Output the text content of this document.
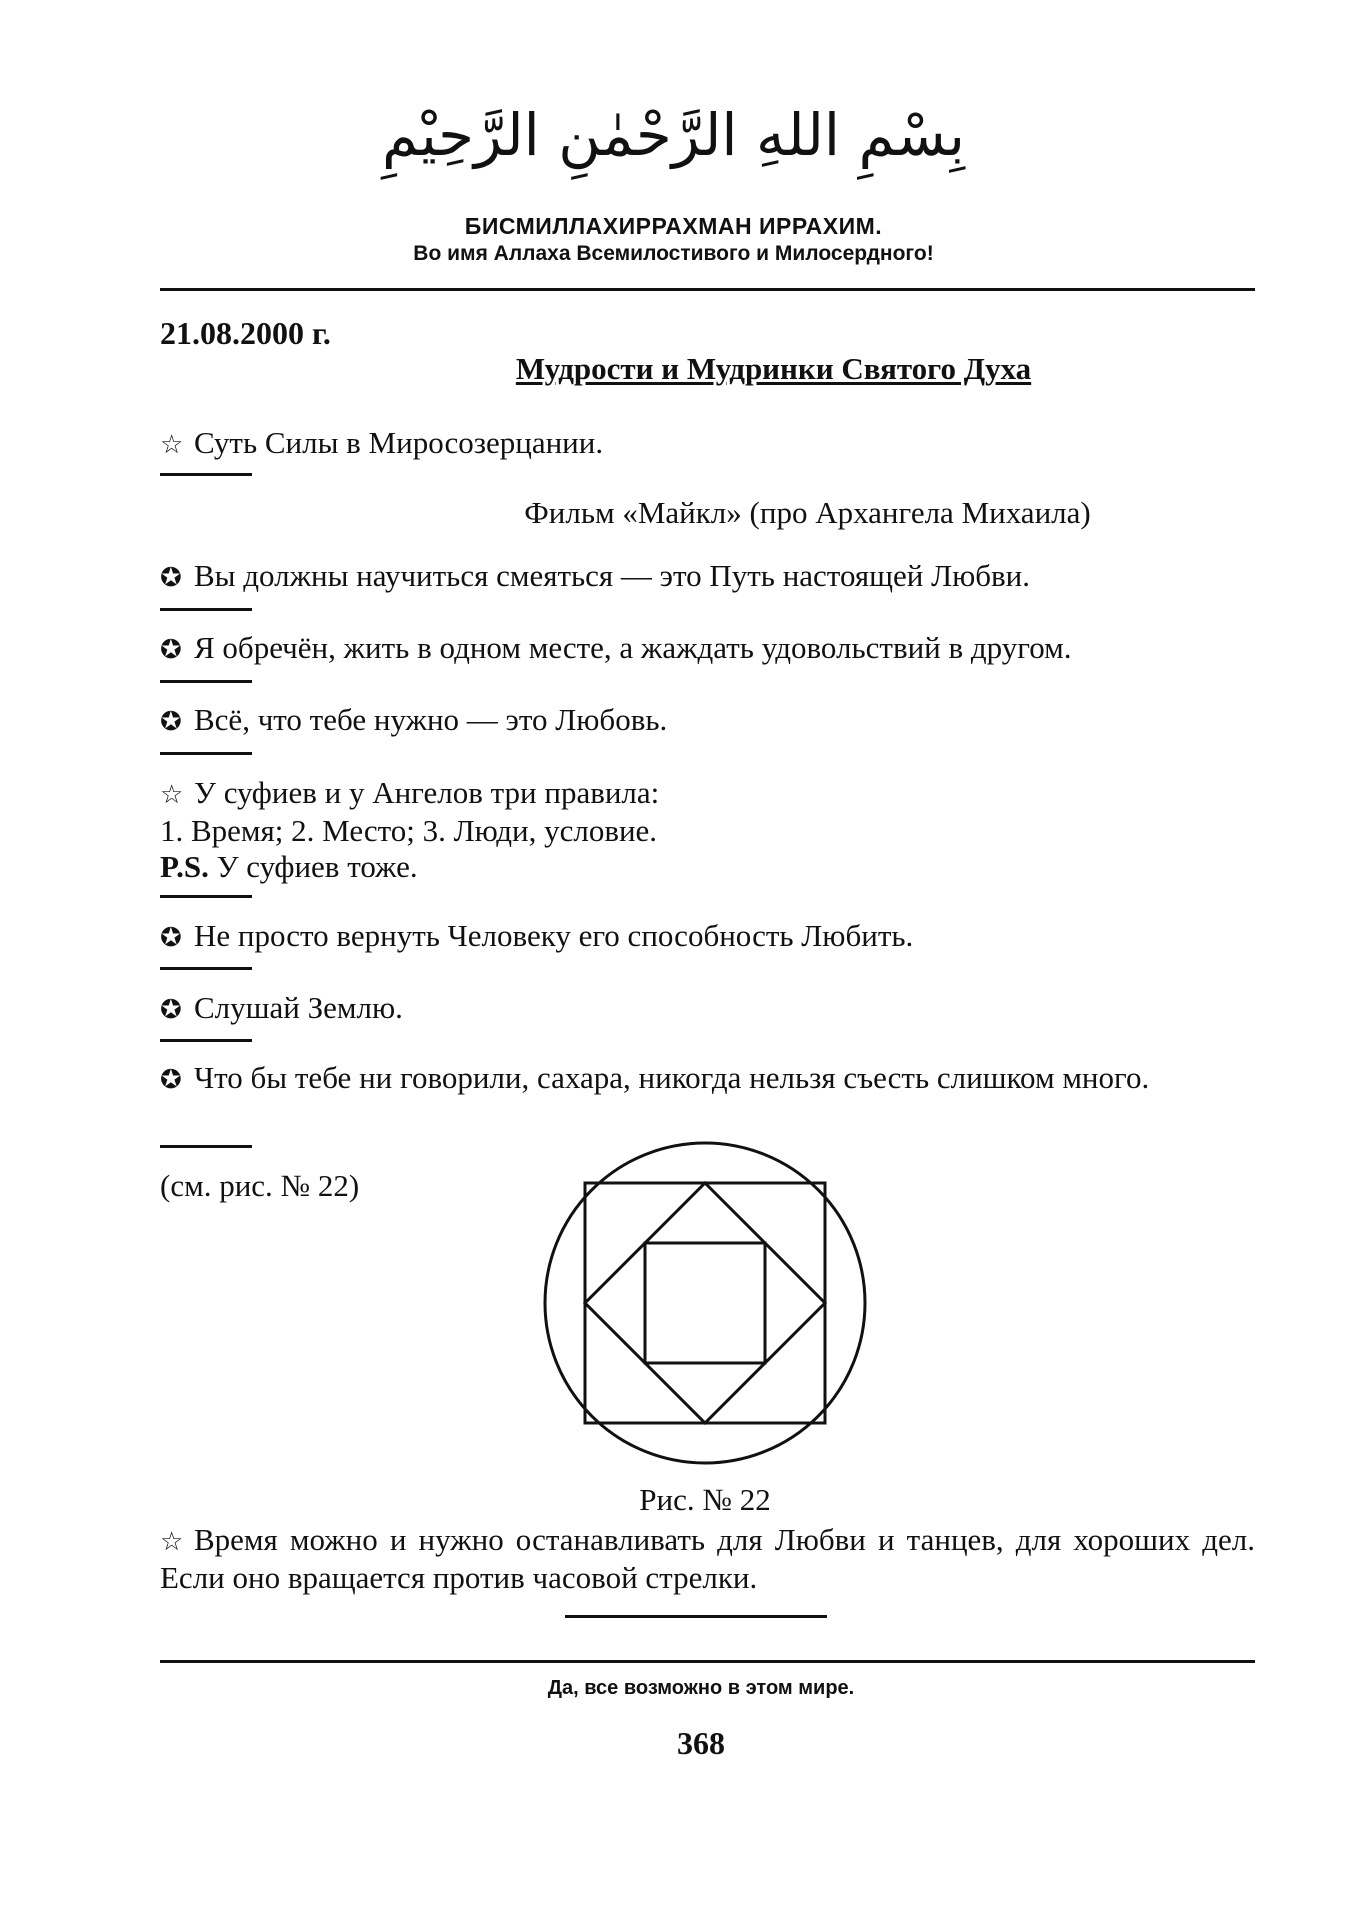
بِسْمِ اللهِ الرَّحْمٰنِ الرَّحِيْمِ
БИСМИЛЛАХИРРАХМАН ИРРАХИМ.
Во имя Аллаха Всемилостивого и Милосердного!
21.08.2000 г.
Мудрости и Мудринки Святого Духа
☆ Суть Силы в Миросозерцании.
Фильм «Майкл» (про Архангела Михаила)
✪ Вы должны научиться смеяться — это Путь настоящей Любви.
✪ Я обречён, жить в одном месте, а жаждать удовольствий в другом.
✪ Всё, что тебе нужно — это Любовь.
☆ У суфиев и у Ангелов три правила:
1. Время; 2. Место; 3. Люди, условие.
P.S. У суфиев тоже.
✪ Не просто вернуть Человеку его способность Любить.
✪ Слушай Землю.
✪ Что бы тебе ни говорили, сахара, никогда нельзя съесть слишком много.
(см. рис. № 22)
Рис. № 22
☆ Время можно и нужно останавливать для Любви и танцев, для хороших дел. Если оно вращается против часовой стрелки.
Да, все возможно в этом мире.
368
